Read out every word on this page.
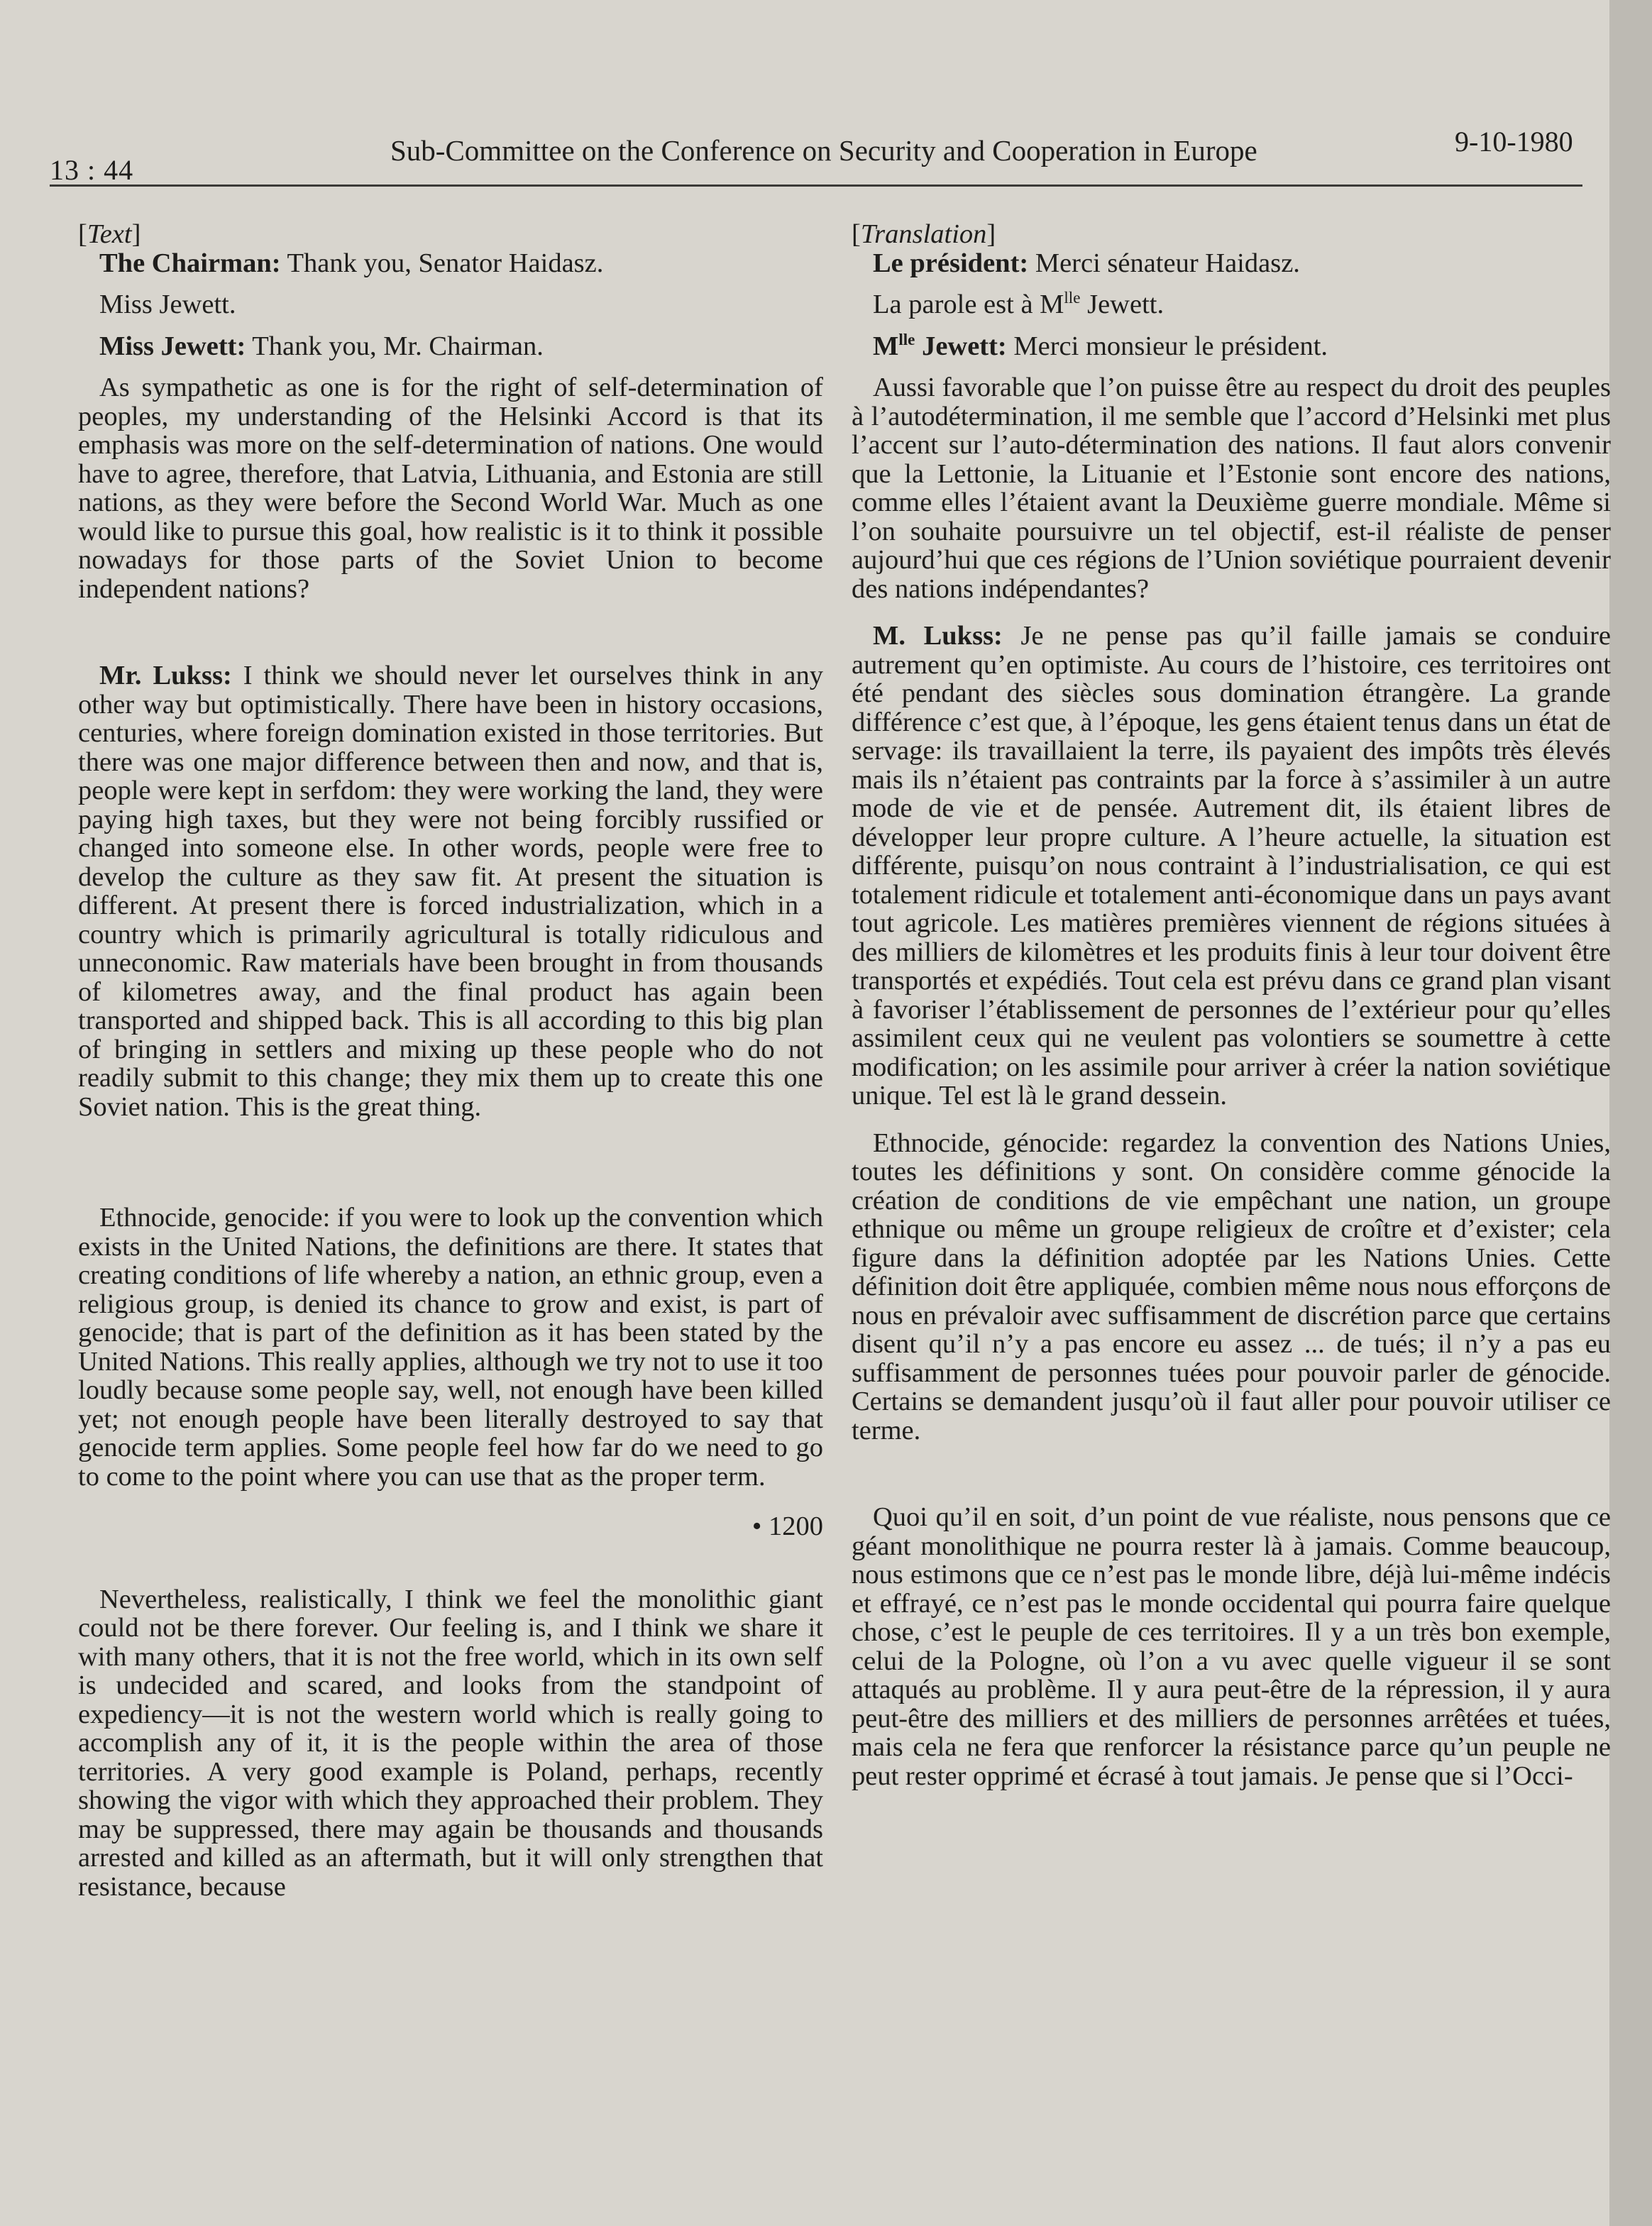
13 : 44
Sub-Committee on the Conference on Security and Cooperation in Europe	9-10-1980

[Text]

The Chairman: Thank you, Senator Haidasz.

Miss Jewett.

Miss Jewett: Thank you, Mr. Chairman.

As sympathetic as one is for the right of self-determination of peoples, my understanding of the Helsinki Accord is that its emphasis was more on the self-determination of nations. One would have to agree, therefore, that Latvia, Lithuania, and Estonia are still nations, as they were before the Second World War. Much as one would like to pursue this goal, how realistic is it to think it possible nowadays for those parts of the Soviet Union to become independent nations?

Mr. Lukss: I think we should never let ourselves think in any other way but optimistically. There have been in history occasions, centuries, where foreign domination existed in those territories. But there was one major difference between then and now, and that is, people were kept in serfdom: they were working the land, they were paying high taxes, but they were not being forcibly russified or changed into someone else. In other words, people were free to develop the culture as they saw fit. At present the situation is different. At present there is forced industrialization, which in a country which is primarily agricultural is totally ridiculous and unneconomic. Raw materials have been brought in from thousands of kilometres away, and the final product has again been transported and shipped back. This is all according to this big plan of bringing in settlers and mixing up these people who do not readily submit to this change; they mix them up to create this one Soviet nation. This is the great thing.

Ethnocide, genocide: if you were to look up the convention which exists in the United Nations, the definitions are there. It states that creating conditions of life whereby a nation, an ethnic group, even a religious group, is denied its chance to grow and exist, is part of genocide; that is part of the definition as it has been stated by the United Nations. This really applies, although we try not to use it too loudly because some people say, well, not enough have been killed yet; not enough people have been literally destroyed to say that genocide term applies. Some people feel how far do we need to go to come to the point where you can use that as the proper term.

• 1200

Nevertheless, realistically, I think we feel the monolithic giant could not be there forever. Our feeling is, and I think we share it with many others, that it is not the free world, which in its own self is undecided and scared, and looks from the standpoint of expediency—it is not the western world which is really going to accomplish any of it, it is the people within the area of those territories. A very good example is Poland, perhaps, recently showing the vigor with which they approached their problem. They may be suppressed, there may again be thousands and thousands arrested and killed as an aftermath, but it will only strengthen that resistance, because

[Translation]

Le président: Merci sénateur Haidasz.

La parole est à $M^{lle}$ Jewett.

$M^{lle}$ Jewett: Merci monsieur le président.

Aussi favorable que l’on puisse être au respect du droit des peuples à l’autodétermination, il me semble que l’accord d’Helsinki met plus l’accent sur l’auto-détermination des nations. Il faut alors convenir que la Lettonie, la Lituanie et l’Estonie sont encore des nations, comme elles l’étaient avant la Deuxième guerre mondiale. Même si l’on souhaite poursuivre un tel objectif, est-il réaliste de penser aujourd’hui que ces régions de l’Union soviétique pourraient devenir des nations indépendantes?

M. Lukss: Je ne pense pas qu’il faille jamais se conduire autrement qu’en optimiste. Au cours de l’histoire, ces territoires ont été pendant des siècles sous domination étrangère. La grande différence c’est que, à l’époque, les gens étaient tenus dans un état de servage: ils travaillaient la terre, ils payaient des impôts très élevés mais ils n’étaient pas contraints par la force à s’assimiler à un autre mode de vie et de pensée. Autrement dit, ils étaient libres de développer leur propre culture. A l’heure actuelle, la situation est différente, puisqu’on nous contraint à l’industrialisation, ce qui est totalement ridicule et totalement anti-économique dans un pays avant tout agricole. Les matières premières viennent de régions situées à des milliers de kilomètres et les produits finis à leur tour doivent être transportés et expédiés. Tout cela est prévu dans ce grand plan visant à favoriser l’établissement de personnes de l’extérieur pour qu’elles assimilent ceux qui ne veulent pas volontiers se soumettre à cette modification; on les assimile pour arriver à créer la nation soviétique unique. Tel est là le grand dessein.

Ethnocide, génocide: regardez la convention des Nations Unies, toutes les définitions y sont. On considère comme génocide la création de conditions de vie empêchant une nation, un groupe ethnique ou même un groupe religieux de croître et d’exister; cela figure dans la définition adoptée par les Nations Unies. Cette définition doit être appliquée, combien même nous nous efforçons de nous en prévaloir avec suffisamment de discrétion parce que certains disent qu’il n’y a pas encore eu assez ... de tués; il n’y a pas eu suffisamment de personnes tuées pour pouvoir parler de génocide. Certains se demandent jusqu’où il faut aller pour pouvoir utiliser ce terme.

Quoi qu’il en soit, d’un point de vue réaliste, nous pensons que ce géant monolithique ne pourra rester là à jamais. Comme beaucoup, nous estimons que ce n’est pas le monde libre, déjà lui-même indécis et effrayé, ce n’est pas le monde occidental qui pourra faire quelque chose, c’est le peuple de ces territoires. Il y a un très bon exemple, celui de la Pologne, où l’on a vu avec quelle vigueur il se sont attaqués au problème. Il y aura peut-être de la répression, il y aura peut-être des milliers et des milliers de personnes arrêtées et tuées, mais cela ne fera que renforcer la résistance parce qu’un peuple ne peut rester opprimé et écrasé à tout jamais. Je pense que si l’Occi-
